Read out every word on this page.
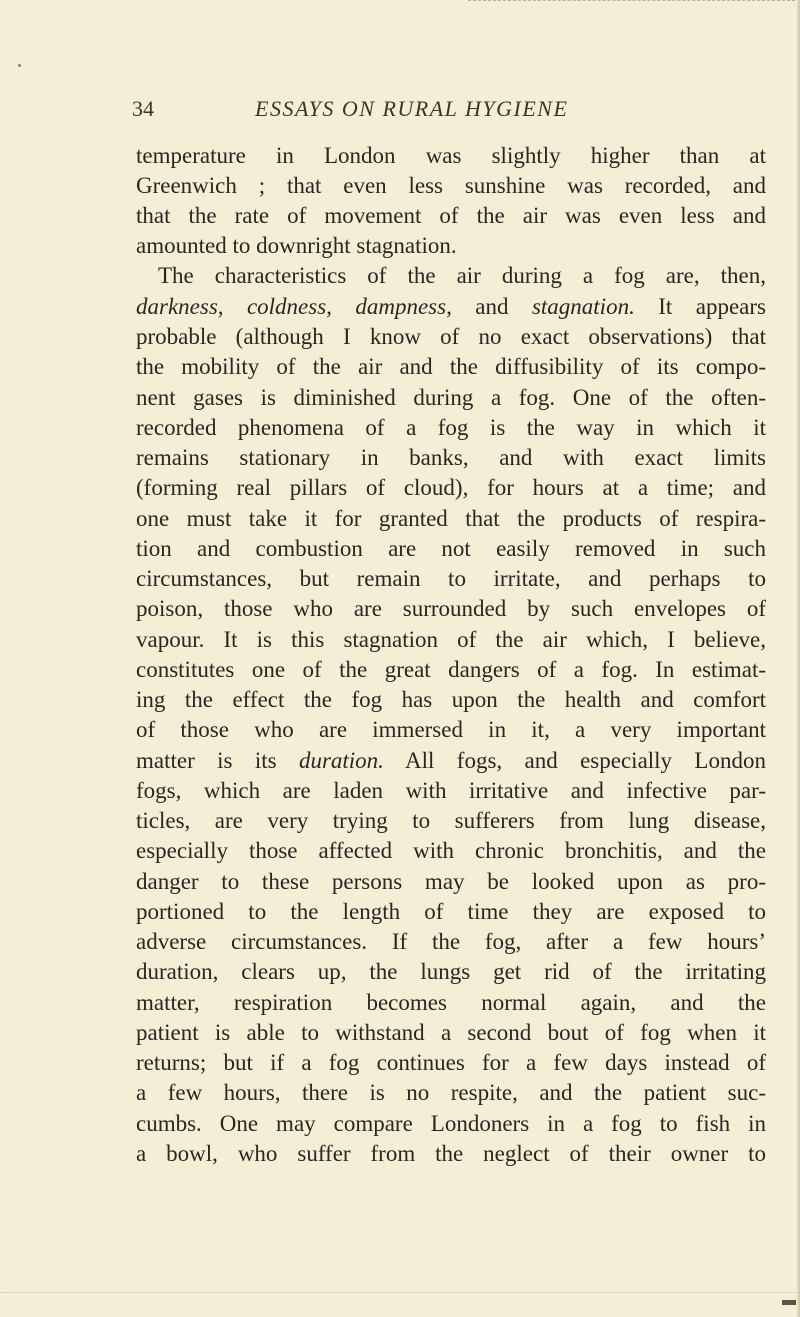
34	ESSAYS ON RURAL HYGIENE
temperature in London was slightly higher than at
Greenwich ; that even less sunshine was recorded, and
that the rate of movement of the air was even less and
amounted to downright stagnation.
The characteristics of the air during a fog are, then,
darkness, coldness, dampness, and stagnation. It appears
probable (although I know of no exact observations) that
the mobility of the air and the diffusibility of its compo-
nent gases is diminished during a fog. One of the often-
recorded phenomena of a fog is the way in which it
remains stationary in banks, and with exact limits
(forming real pillars of cloud), for hours at a time; and
one must take it for granted that the products of respira-
tion and combustion are not easily removed in such
circumstances, but remain to irritate, and perhaps to
poison, those who are surrounded by such envelopes of
vapour. It is this stagnation of the air which, I believe,
constitutes one of the great dangers of a fog. In estimat-
ing the effect the fog has upon the health and comfort
of those who are immersed in it, a very important
matter is its duration. All fogs, and especially London
fogs, which are laden with irritative and infective par-
ticles, are very trying to sufferers from lung disease,
especially those affected with chronic bronchitis, and the
danger to these persons may be looked upon as pro-
portioned to the length of time they are exposed to
adverse circumstances. If the fog, after a few hours’
duration, clears up, the lungs get rid of the irritating
matter, respiration becomes normal again, and the
patient is able to withstand a second bout of fog when it
returns; but if a fog continues for a few days instead of
a few hours, there is no respite, and the patient suc-
cumbs. One may compare Londoners in a fog to fish in
a bowl, who suffer from the neglect of their owner to
